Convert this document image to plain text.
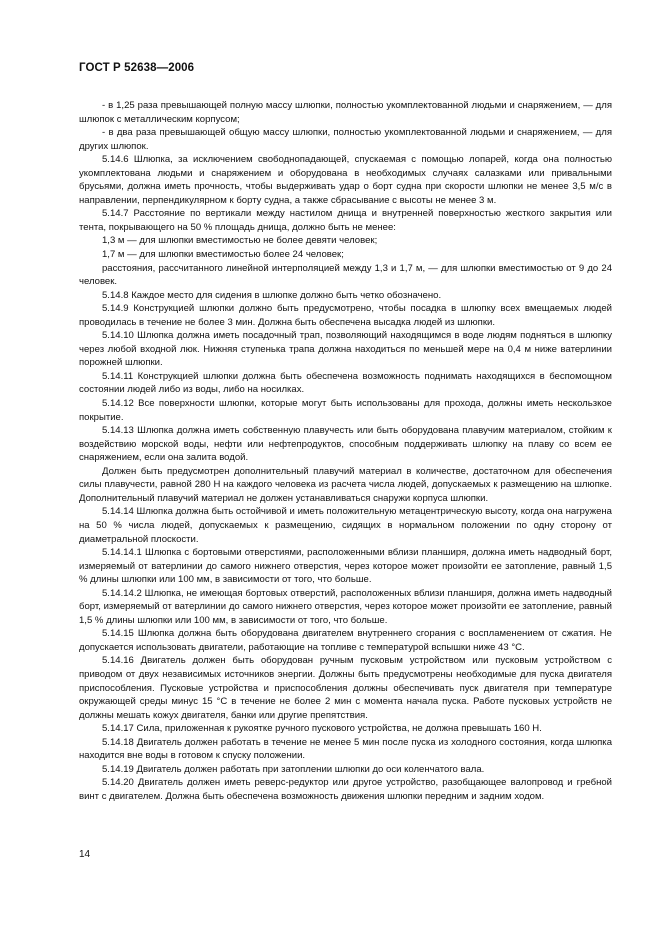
ГОСТ Р 52638—2006

- в 1,25 раза превышающей полную массу шлюпки, полностью укомплектованной людьми и снаряжением, — для шлюпок с металлическим корпусом;

- в два раза превышающей общую массу шлюпки, полностью укомплектованной людьми и снаряжением, — для других шлюпок.

5.14.6 Шлюпка, за исключением свободнопадающей, спускаемая с помощью лопарей, когда она полностью укомплектована людьми и снаряжением и оборудована в необходимых случаях салазками или привальными брусьями, должна иметь прочность, чтобы выдерживать удар о борт судна при скорости шлюпки не менее 3,5 м/с в направлении, перпендикулярном к борту судна, а также сбрасывание с высоты не менее 3 м.

5.14.7 Расстояние по вертикали между настилом днища и внутренней поверхностью жесткого закрытия или тента, покрывающего на 50 % площадь днища, должно быть не менее:

1,3 м — для шлюпки вместимостью не более девяти человек;

1,7 м — для шлюпки вместимостью более 24 человек;

расстояния, рассчитанного линейной интерполяцией между 1,3 и 1,7 м, — для шлюпки вместимостью от 9 до 24 человек.

5.14.8 Каждое место для сидения в шлюпке должно быть четко обозначено.

5.14.9 Конструкцией шлюпки должно быть предусмотрено, чтобы посадка в шлюпку всех вмещаемых людей проводилась в течение не более 3 мин. Должна быть обеспечена высадка людей из шлюпки.

5.14.10 Шлюпка должна иметь посадочный трап, позволяющий находящимся в воде людям подняться в шлюпку через любой входной люк. Нижняя ступенька трапа должна находиться по меньшей мере на 0,4 м ниже ватерлинии порожней шлюпки.

5.14.11 Конструкцией шлюпки должна быть обеспечена возможность поднимать находящихся в беспомощном состоянии людей либо из воды, либо на носилках.

5.14.12 Все поверхности шлюпки, которые могут быть использованы для прохода, должны иметь нескользкое покрытие.

5.14.13 Шлюпка должна иметь собственную плавучесть или быть оборудована плавучим материалом, стойким к воздействию морской воды, нефти или нефтепродуктов, способным поддерживать шлюпку на плаву со всем ее снаряжением, если она залита водой.

Должен быть предусмотрен дополнительный плавучий материал в количестве, достаточном для обеспечения силы плавучести, равной 280 Н на каждого человека из расчета числа людей, допускаемых к размещению на шлюпке. Дополнительный плавучий материал не должен устанавливаться снаружи корпуса шлюпки.

5.14.14 Шлюпка должна быть остойчивой и иметь положительную метацентрическую высоту, когда она нагружена на 50 % числа людей, допускаемых к размещению, сидящих в нормальном положении по одну сторону от диаметральной плоскости.

5.14.14.1 Шлюпка с бортовыми отверстиями, расположенными вблизи планширя, должна иметь надводный борт, измеряемый от ватерлинии до самого нижнего отверстия, через которое может произойти ее затопление, равный 1,5 % длины шлюпки или 100 мм, в зависимости от того, что больше.

5.14.14.2 Шлюпка, не имеющая бортовых отверстий, расположенных вблизи планширя, должна иметь надводный борт, измеряемый от ватерлинии до самого нижнего отверстия, через которое может произойти ее затопление, равный 1,5 % длины шлюпки или 100 мм, в зависимости от того, что больше.

5.14.15 Шлюпка должна быть оборудована двигателем внутреннего сгорания с воспламенением от сжатия. Не допускается использовать двигатели, работающие на топливе с температурой вспышки ниже 43 °С.

5.14.16 Двигатель должен быть оборудован ручным пусковым устройством или пусковым устройством с приводом от двух независимых источников энергии. Должны быть предусмотрены необходимые для пуска двигателя приспособления. Пусковые устройства и приспособления должны обеспечивать пуск двигателя при температуре окружающей среды минус 15 °С в течение не более 2 мин с момента начала пуска. Работе пусковых устройств не должны мешать кожух двигателя, банки или другие препятствия.

5.14.17 Сила, приложенная к рукоятке ручного пускового устройства, не должна превышать 160 Н.

5.14.18 Двигатель должен работать в течение не менее 5 мин после пуска из холодного состояния, когда шлюпка находится вне воды в готовом к спуску положении.

5.14.19 Двигатель должен работать при затоплении шлюпки до оси коленчатого вала.

5.14.20 Двигатель должен иметь реверс-редуктор или другое устройство, разобщающее валопровод и гребной винт с двигателем. Должна быть обеспечена возможность движения шлюпки передним и задним ходом.

14
